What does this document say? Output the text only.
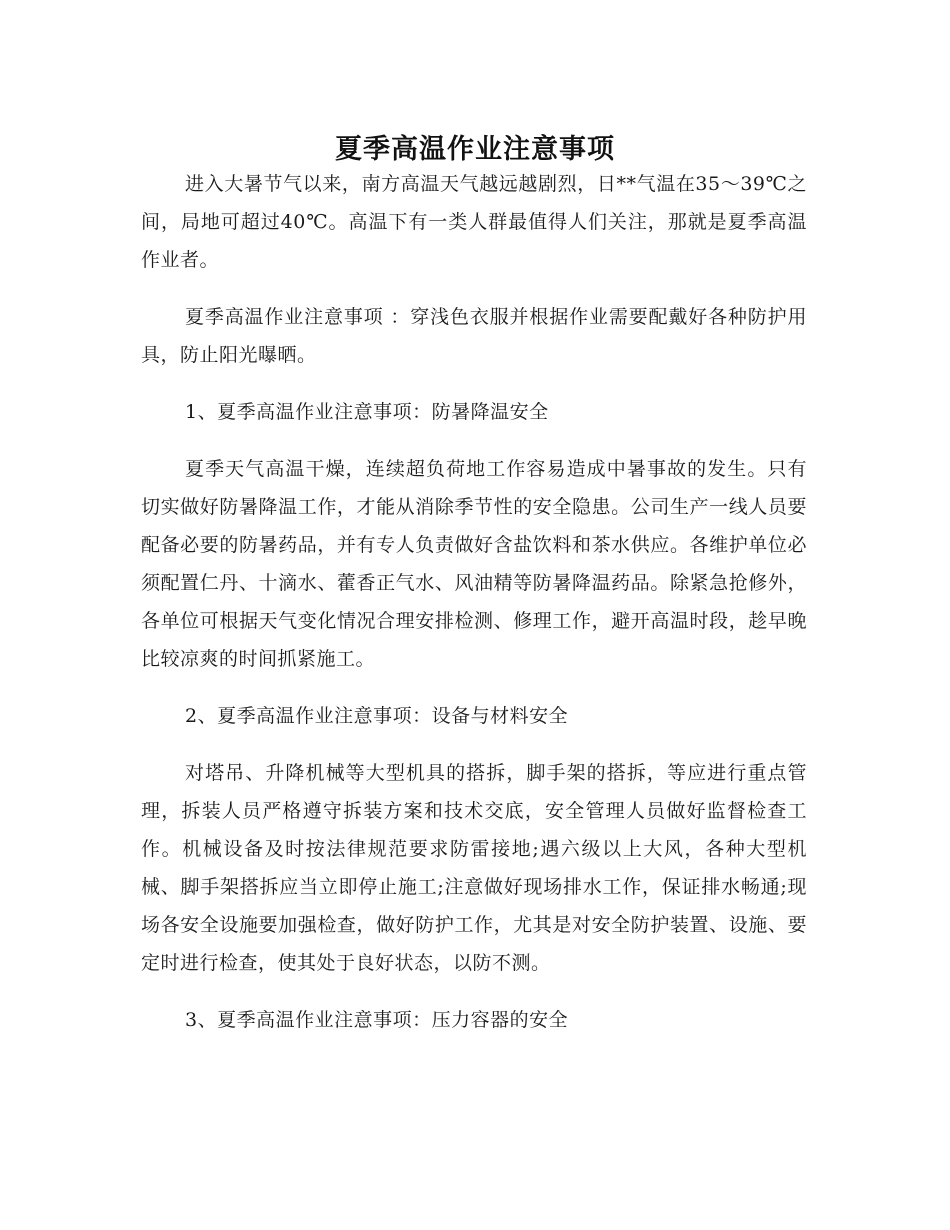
夏季高温作业注意事项

进入大暑节气以来，南方高温天气越远越剧烈，日**气温在35～39℃之间，局地可超过40℃。高温下有一类人群最值得人们关注，那就是夏季高温作业者。

夏季高温作业注意事项 ：穿浅色衣服并根据作业需要配戴好各种防护用具，防止阳光曝晒。

1、夏季高温作业注意事项：防暑降温安全

夏季天气高温干燥，连续超负荷地工作容易造成中暑事故的发生。只有切实做好防暑降温工作，才能从消除季节性的安全隐患。公司生产一线人员要配备必要的防暑药品，并有专人负责做好含盐饮料和茶水供应。各维护单位必须配置仁丹、十滴水、藿香正气水、风油精等防暑降温药品。除紧急抢修外，各单位可根据天气变化情况合理安排检测、修理工作，避开高温时段，趁早晚比较凉爽的时间抓紧施工。

2、夏季高温作业注意事项：设备与材料安全

对塔吊、升降机械等大型机具的搭拆，脚手架的搭拆，等应进行重点管理，拆装人员严格遵守拆装方案和技术交底，安全管理人员做好监督检查工作。机械设备及时按法律规范要求防雷接地;遇六级以上大风，各种大型机械、脚手架搭拆应当立即停止施工;注意做好现场排水工作，保证排水畅通;现场各安全设施要加强检查，做好防护工作，尤其是对安全防护装置、设施、要定时进行检查，使其处于良好状态，以防不测。

3、夏季高温作业注意事项：压力容器的安全
